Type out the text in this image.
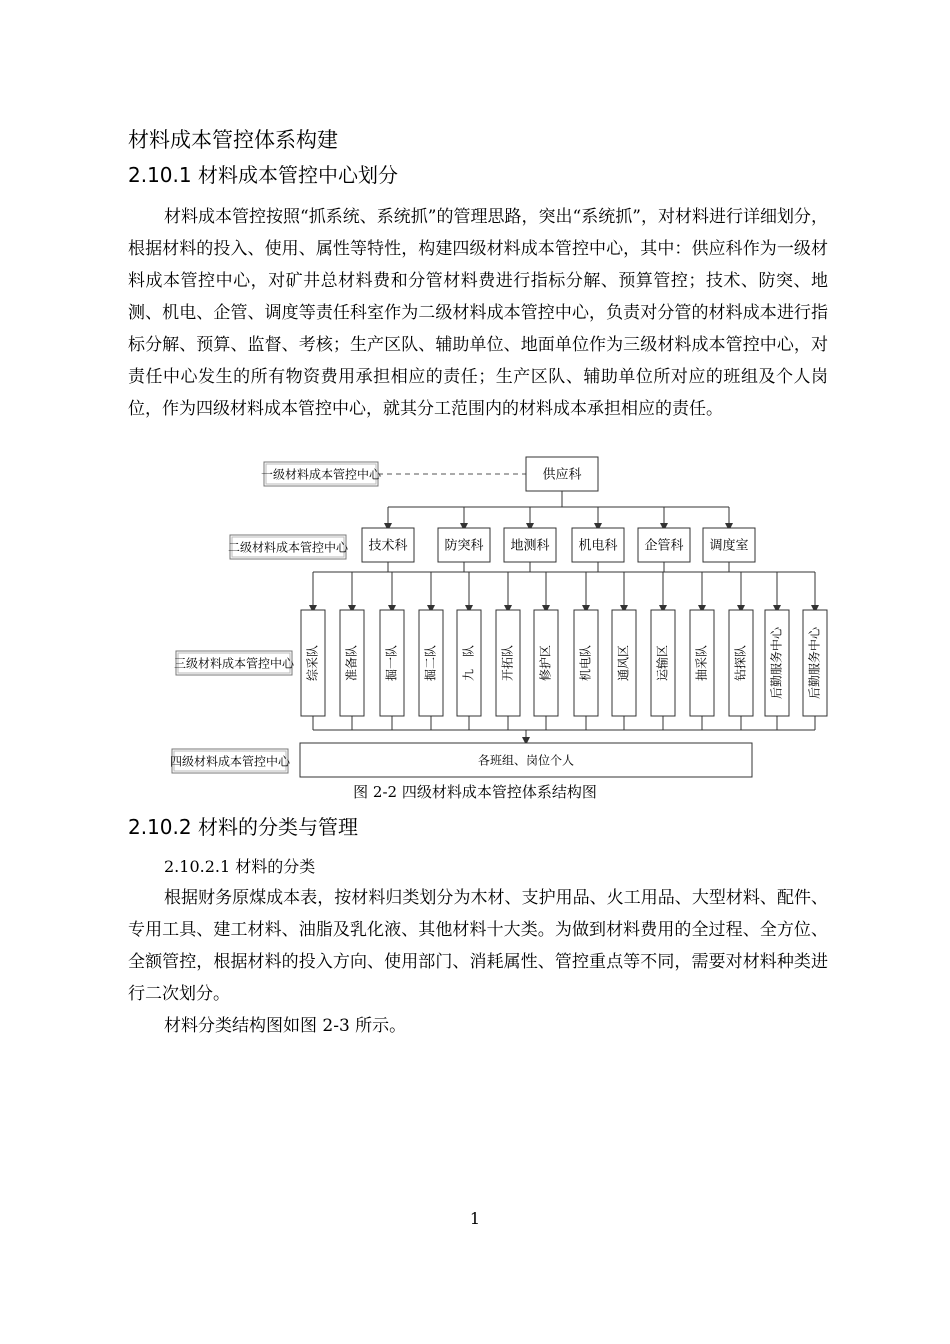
材料成本管控体系构建
2.10.1 材料成本管控中心划分

材料成本管控按照“抓系统、系统抓”的管理思路，突出“系统抓”，对材料进行详细划分，根据材料的投入、使用、属性等特性，构建四级材料成本管控中心，其中：供应科作为一级材料成本管控中心，对矿井总材料费和分管材料费进行指标分解、预算管控；技术、防突、地测、机电、企管、调度等责任科室作为二级材料成本管控中心，负责对分管的材料成本进行指标分解、预算、监督、考核；生产区队、辅助单位、地面单位作为三级材料成本管控中心，对责任中心发生的所有物资费用承担相应的责任；生产区队、辅助单位所对应的班组及个人岗位，作为四级材料成本管控中心，就其分工范围内的材料成本承担相应的责任。

一级材料成本管控中心
二级材料成本管控中心
三级材料成本管控中心
四级材料成本管控中心
供应科
技术科	防突科 地测科 机电科 企管科 调度室
综采队 准备队 掘一队 掘二队 九　队 开拓队 修护区 机电队 通风区 运输区 抽采队 钻探队 后勤服务中心 后勤服务中心
各班组、岗位个人
图 2-2 四级材料成本管控体系结构图
2.10.2 材料的分类与管理
2.10.2.1 材料的分类

根据财务原煤成本表，按材料归类划分为木材、支护用品、火工用品、大型材料、配件、专用工具、建工材料、油脂及乳化液、其他材料十大类。为做到材料费用的全过程、全方位、全额管控，根据材料的投入方向、使用部门、消耗属性、管控重点等不同，需要对材料种类进行二次划分。

材料分类结构图如图 2-3 所示。

1
